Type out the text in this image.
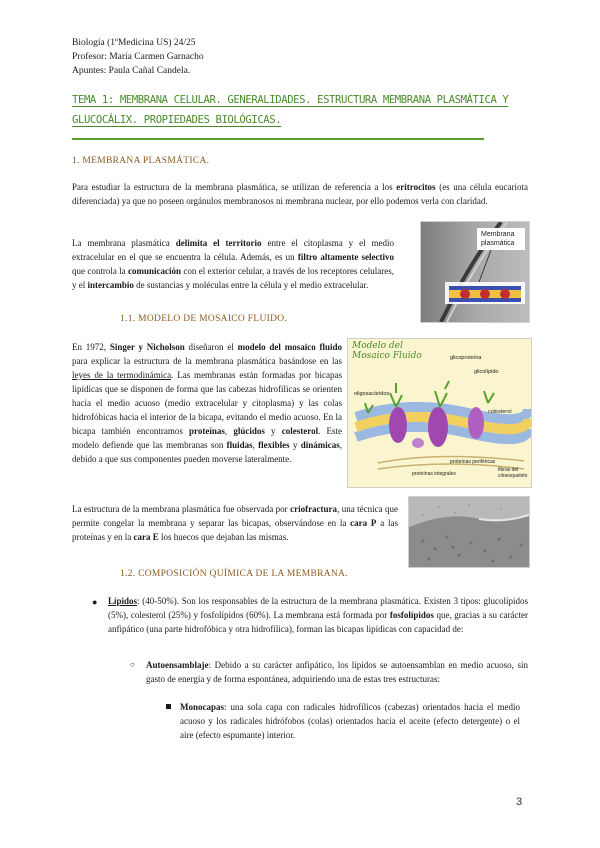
Biología (1ºMedicina US) 24/25
Profesor: María Carmen Garnacho
Apuntes: Paula Cañal Candela.
TEMA 1: MEMBRANA CELULAR. GENERALIDADES. ESTRUCTURA MEMBRANA PLASMÁTICA Y GLUCOCÁLIX. PROPIEDADES BIOLÓGICAS.
1. MEMBRANA PLASMÁTICA.
Para estudiar la estructura de la membrana plasmática, se utilizan de referencia a los eritrocitos (es una célula eucariota diferenciada) ya que no poseen orgánulos membranosos ni membrana nuclear, por ello podemos verla con claridad.
La membrana plasmática delimita el territorio entre el citoplasma y el medio extracelular en el que se encuentra la célula. Además, es un filtro altamente selectivo que controla la comunicación con el exterior celular, a través de los receptores celulares, y el intercambio de sustancias y moléculas entre la célula y el medio extracelular.
Membrana
plasmática
1.1. MODELO DE MOSAICO FLUIDO.
En 1972, Singer y Nicholson diseñaron el modelo del mosaico fluido para explicar la estructura de la membrana plasmática basándose en las leyes de la termodinámica. Las membranas están formadas por bicapas lipídicas que se disponen de forma que las cabezas hidrofílicas se orienten hacia el medio acuoso (medio extracelular y citoplasma) y las colas hidrofóbicas hacia el interior de la bicapa, evitando el medio acuoso. En la bicapa también encontramos proteínas, glúcidos y colesterol. Este modelo defiende que las membranas son fluidas, flexibles y dinámicas, debido a que sus componentes pueden moverse lateralmente.
Modelo del Mosaico Fluido	glicoproteína
glicolípido
oligosacáridos
colesterol
proteínas periféricas
proteínas integrales
fibras del citoesqueleto
La estructura de la membrana plasmática fue observada por criofractura, una técnica que permite congelar la membrana y separar las bicapas, observándose en la cara P a las proteínas y en la cara E los huecos que dejaban las mismas.
1.2. COMPOSICIÓN QUÍMICA DE LA MEMBRANA.
● Lípidos: (40-50%). Son los responsables de la estructura de la membrana plasmática. Existen 3 tipos: glucolípidos (5%), colesterol (25%) y fosfolípidos (60%). La membrana está formada por fosfolípidos que, gracias a su carácter anfipático (una parte hidrofóbica y otra hidrofílica), forman las bicapas lipídicas con capacidad de:
○ Autoensamblaje: Debido a su carácter anfipático, los lípidos se autoensamblan en medio acuoso, sin gasto de energía y de forma espontánea, adquiriendo una de estas tres estructuras:
Monocapas: una sola capa con radicales hidrofílicos (cabezas) orientados hacia el medio acuoso y los radicales hidrófobos (colas) orientados hacia el aceite (efecto detergente) o el aire (efecto espumante) interior.
3
